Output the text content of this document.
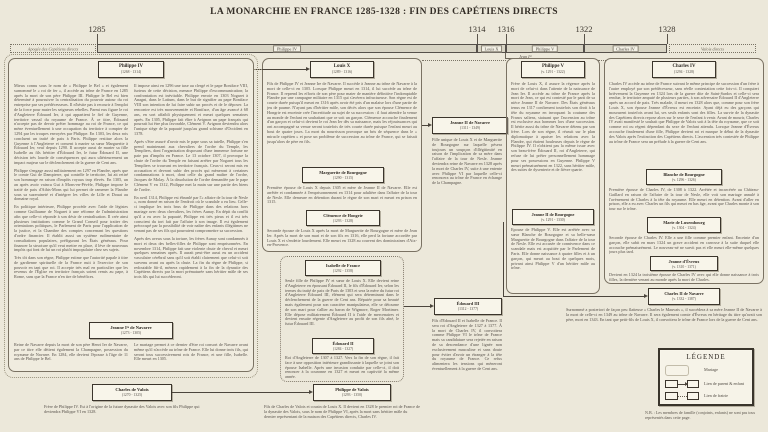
LA MONARCHIE EN FRANCE 1285-1328 : FIN DES CAPÉTIENS DIRECTS
1285	1314 1316	1322	1328
Apogée des Capétiens directs	Philippe IV	Louis X	Philippe V	Charles IV	Valois directs
Jean Iᵉʳ
Philippe IV
(1268 - 1314)

Mieux connu sous le nom de « Philippe le Bel » et également surnommé le « roi de fer », il accède au trône de France en 1285 après la mort de son père Philippe III. Philippe le Bel est bien déterminé à poursuivre la centralisation du pouvoir autour du roi entreprise par ses prédécesseurs. Il n'hésite pas à recourir à l'emploi de la force pour mater les seigneurs rebelles. Parmi eux figure le roi d'Angleterre Édouard Ier, à qui appartient le fief de Guyenne, territoire vassal du royaume de France. À ce titre, Édouard n'accepte pas de devoir prêter hommage au roi de France, ce qui mène éventuellement à une occupation du territoire à compter de 1294 par les troupes envoyées par Philippe. En 1303, les deux rois concluent un traité de paix à Paris. Philippe restitue alors la Guyenne à l'Angleterre et consent à marier sa sœur Marguerite à Édouard Ier, veuf depuis 1290. Il accepte aussi de marier sa fille Isabelle au fils héritier d'Édouard Ier, le futur Édouard II, une décision très lourde de conséquences qui aura ultérieurement un impact majeur sur le déclenchement de la guerre de Cent ans.

Philippe s'engage aussi militairement en 1297 en Flandre, après que le comte Gui de Dampierre, qui contrôle le territoire, lui ait retiré son hommage en raison d'impôts royaux trop élevés. En 1305, un an après avoir vaincu Gui à Mons-en-Pévèle, Philippe impose le traité de paix d'Athis-Mons qui lui permet de ramener la Flandre sous sa suzeraineté et d'intégrer les villes de Lille et Douai au domaine royal.

En politique intérieure, Philippe procède avec l'aide de légistes comme Guillaume de Nogaret à une réforme de l'administration afin que celle-ci réponde à son désir de centralisation. Il crée ainsi plusieurs institutions comme le Grand Conseil pour traiter des orientations politiques, le Parlement de Paris pour l'application de la justice, et la Chambre des comptes concernant les questions d'ordre financier. Il établit aussi un système rudimentaire de consultations populaires, préfigurant les États généraux. Pour financer la structure qu'il veut mettre en place, il lève de nouveaux impôts qui font de lui un roi plutôt impopulaire chez ses sujets.

Très tôt dans son règne, Philippe estime que l'autorité papale à titre de gardienne spirituelle de la France nuit à l'exercice de son pouvoir en tant que roi. Il accepte très mal en particulier que les revenus de l'Église en territoire français soient remis au pape, à Rome, sans que la France n'en tire de bénéfices.

Il impose ainsi en 1296 une taxe au clergé et le pape Boniface VIII, furieux de cette décision, menace Philippe d'excommunication; la confrontation est inévitable. Philippe envoie en 1303 Nogaret à Anagni, dans le Latium, dans le but de signifier au pape Boniface VIII son intention de lui faire subir un procès et de le déposer. La rencontre est très mouvementée et Boniface, d'un âge avancé à 68 ans, en sort affaibli physiquement et meurt quelques semaines après. En 1305, Philippe fait élire à Avignon un pape français qui pourrait lui être plus favorable, Clément V. Avignon deviendra alors l'unique siège de la papauté jusqu'au grand schisme d'Occident en 1378.

Après s'être assuré d'avoir mis le pape sous sa tutelle, Philippe s'en prend maintenant aux chevaliers de l'ordre du Temple, les Templiers, dont l'organisation disposant d'une immense fortune ne paie pas d'impôts en France. Le 13 octobre 1307, il provoque la chute de l'ordre du Temple en faisant arrêter par Nogaret tous les Templiers se trouvant en territoire français. Ceux-ci seront mis en accusation et devront subir des procès qui mèneront à certaines condamnations à mort, dont celle du grand maître de l'ordre, Jacques de Molay. À la dissolution de l'ordre demandée par le pape Clément V en 1312, Philippe met la main sur une partie des biens de l'ordre.

En avril 1314, Philippe est ébranlé par l'« affaire de la tour de Nesle », nom donné en raison de l'endroit où le scandale a eu lieu. Celle-ci implique les trois brus de Philippe dans des relations hors mariage avec deux chevaliers, les frères Aunay. En dépit du conflit qu'il a eu avec la papauté, Philippe est très pieux et il est très conscient du tort fait par l'affaire à son image. Il est également préoccupé par la possibilité de voir naître des enfants illégitimes ne venant pas de ses fils qui pourraient compromettre sa succession.

Après des aveux sous la torture, les frères Aunay sont condamnés à mort et deux des belles-filles de Philippe sont emprisonnées. En novembre 1314, Philippe fait une violente chute de cheval et meurt quelques semaines après. Il aurait peut-être aussi eu un accident vasculaire cérébral sans qu'il soit établi clairement que celui-ci soit survenu avant ou après la chute. La fin du règne de Philippe, si redoutable fût-il, mènera rapidement à la fin de la dynastie des Capétiens directs par la mort prématurée sans héritier mâle de ses trois fils qui lui succéderont.

Jeanne Iʳᵉ de Navarre
(1273 - 1305)

Reine de Navarre depuis la mort de son père Henri Ier de Navarre, par ce titre elle détient également la Champagne, possession du royaume de Navarre. En 1284, elle devient l'épouse à l'âge de 11 ans de Philippe le Bel.

Le mariage permet à ce dernier d'être roi consort de Navarre avant même qu'il n'accède au trône de France. Elle lui donne trois fils, qui seront tous successivement rois de France, et une fille, Isabelle. Elle meurt en 1305.

Charles de Valois
(1270 - 1325)

Frère de Philippe IV. Est à l'origine de la future dynastie des Valois avec son fils Philippe qui deviendra Philippe VI en 1328.

Louis X
(1289 - 1316)

Fils de Philippe IV et Jeanne Ire de Navarre. Il succède à Jeanne au trône de Navarre à la mort de celle-ci en 1305. Lorsque Philippe meurt en 1314, il lui succède au trône de France. Il reprend les efforts de son père pour mater de manière définitive l'indomptable Flandre par une campagne militaire en 1315 qui s'avérera infructueuse. Son règne est de courte durée puisqu'il meurt en 1316 après avoir été pris d'un malaise lors d'une partie de jeu de paume. N'ayant pas d'héritier mâle, son décès alors que son épouse Clémence de Hongrie est enceinte crée l'incertitude au sujet de sa succession : il faut attendre la venue au monde de l'enfant en souhaitant que ce soit un garçon. Clémence accouche finalement d'un garçon et celui-ci devient le roi Jean Ier dès sa naissance, mais les réjouissances qui ont accompagné sa venue seront toutefois de très courte durée puisque l'enfant meurt au bout de quatre jours. La mort du nourrisson provoque un bris de séquence dans le « miracle capétien » et pose un problème de succession au trône de France, qui se faisait jusqu'alors de père en fils.

Marguerite de Bourgogne
(1290 - 1315)

Première épouse de Louis X depuis 1305 et mère de Jeanne II de Navarre. Elle est arrêtée et condamnée à l'emprisonnement en 1314 pour adultère dans l'affaire de la tour de Nesle. Elle demeure en détention durant le règne de son mari et meurt en prison en 1315.

Clémence de Hongrie
(1293 - 1328)

Seconde épouse de Louis X après la mort de Marguerite de Bourgogne et mère de Jean Ier. Après la mort de son mari et de son fils en 1316, elle perd la fortune accordée par Louis X et s'endette lourdement. Elle meurt en 1328 au couvent des dominicaines d'Aix-en-Provence.

Jeanne II de Navarre
(1311 - 1349)

Fille unique de Louis X et de Marguerite de Bourgogne sur laquelle pèsera toujours un soupçon d'illégitimité en raison de l'implication de sa mère dans l'affaire de la tour de Nesle. Jeanne deviendra reine de Navarre en 1328 après la mort de Charles IV, suite à une entente avec Philippe VI par laquelle celle-ci renoncera au trône de France en échange de la Champagne.

Isabelle de France
(1292 - 1358)

Seule fille de Philippe IV et sœur de Louis X. Elle devient reine d'Angleterre en épousant Édouard II, le fils d'Édouard Ier, selon les termes du traité de paix de Paris de 1303 et sera la mère du futur roi d'Angleterre Édouard III, élément qui sera déterminant dans le déclenchement de la guerre de Cent ans. Réputée pour sa beauté mais également pour son caractère manipulateur, elle se détourne de son mari pour s'allier au baron de Wigmore, Roger Mortimer. Elle dépose militairement Édouard II à l'aide de mercenaires et devient ensuite régente d'Angleterre au profit de son fils aîné, le futur Édouard III.

Édouard II
(1284 - 1327)

Roi d'Angleterre de 1307 à 1327. Vers la fin de son règne, il fait face à une opposition intérieure grandissante à laquelle se joint son épouse Isabelle. Après une invasion conduite par celle-ci, il doit renoncer à la couronne en 1327 et meurt en captivité la même année.

Édouard III
(1312 - 1377)

Fils d'Édouard II et Isabelle de France. Il sera roi d'Angleterre de 1327 à 1377. À la mort de Charles IV, il convoitera comme Philippe VI le trône de France mais sa candidature sera rejetée en raison de sa descendance d'une lignée non exclusivement masculine et sans doute pour éviter d'avoir un étranger à la tête du royaume de France. Ce refus alimentera les tensions qui mèneront éventuellement à la guerre de Cent ans.

Philippe de Valois
(1293 - 1350)

Fils de Charles de Valois et cousin de Louis X. Il devient en 1328 le premier roi de France de la dynastie des Valois, sous le nom de Philippe VI, après la mort sans héritier mâle du dernier représentant de la maison des Capétiens directs, Charles IV.

Philippe V
(v. 1291 - 1322)

Frère de Louis X, il assure la régence après la mort de celui-ci dans l'attente de la naissance de Jean Ier. Il accède au trône de France après la mort de Jean, ce qui est contesté par le parti de sa nièce Jeanne II de Navarre. Des États généraux tenus en 1317 confirment toutefois son droit à la tête du royaume en invoquant la coutume des Francs saliens, statuant que l'ascension au trône est exclusive aux hommes lors d'une succession. Il hérite aussi du trône de Navarre détenu par son frère. Lors de son règne, il réussit sur le plan diplomatique à apaiser les relations avec la Flandre, qui étaient houleuses depuis le règne de Philippe IV. Il n'obtient pas la même issue avec son beau-frère Édouard II, roi d'Angleterre, qui refuse de lui prêter personnellement hommage pour ses possessions en Guyenne. Philippe V meurt prématurément en 1322, sans héritier mâle, des suites de dysenterie et de fièvre quarte.

Jeanne II de Bourgogne
(v. 1291 - 1330)

Épouse de Philippe V. Elle est arrêtée avec sa sœur Blanche de Bourgogne et sa belle-sœur Marguerite de Bourgogne dans l'affaire de la tour de Nesle. Elle est accusée de connivence dans ce scandale mais est acquittée par le Parlement de Paris. Elle donne naissance à quatre filles et à un garçon, qui meurt au bout de quelques mois, privant ainsi Philippe V d'un héritier mâle au trône.

Charles IV
(1294 - 1328)

Charles IV accède au trône de France suivant le même principe de succession d'un frère à l'autre employé par son prédécesseur, sans réelle contestation cette fois-ci. Il conquiert brièvement la Guyenne en 1324 lors de la guerre dite de Saint-Sardos et celle-ci sera rendue, le territoire amputé de plusieurs parties, à son adversaire Édouard II d'Angleterre après un accord de paix. Très malade, il meurt en 1328 alors que, comme pour son frère Louis X, son épouse Jeanne d'Évreux est enceinte. Ayant déjà eu des garçons qui moururent toutefois avant lui, ses seuls enfants sont des filles. La survie de la dynastie des Capétiens directs repose alors sur le sexe de l'enfant à venir. Avant de mourir, Charles IV avait manifesté le souhait que Philippe de Valois soit à la tête du royaume, que ce soit comme roi ou régent dépendant du sexe de l'enfant attendu. Lorsque Jeanne d'Évreux accouche finalement d'une fille, Philippe devient roi et marque le début de la dynastie des Valois après l'extinction des Capétiens directs. L'ascension très contestée de Philippe au trône de France sera un prélude à la guerre de Cent ans.

Blanche de Bourgogne
(v. 1296 - 1326)

Première épouse de Charles IV, de 1308 à 1322. Arrêtée et incarcérée au Château-Gaillard en raison de l'affaire de la tour de Nesle, elle voit son mariage annulé à l'avènement de Charles à la tête du royaume. Elle meurt en détention. Avant d'aller en prison, elle a eu avec Charles un fils qui meurt en bas âge, avant que Charles monte à son tour sur le trône.

Marie de Luxembourg
(v. 1304 - 1324)

Seconde épouse de Charles IV. Elle a une fille comme premier enfant. Enceinte d'un garçon, elle subit en mars 1324 un grave accident en carrosse à la suite duquel elle accouche prématurément. Le nouveau-né ne survit pas et elle meurt elle-même quelques jours plus tard.

Jeanne d'Évreux
(v. 1310 - 1371)

Devient en 1324 la troisième épouse de Charles IV avec qui elle donne naissance à trois filles, la dernière venant au monde après la mort de Charles.

Charles II de Navarre
(v. 1332 - 1387)

Surnommé a posteriori de façon peu flatteuse « Charles le Mauvais », il succédera à sa mère Jeanne II de Navarre à la mort de celle-ci en 1349 au trône de Navarre. Il sera également comte d'Évreux en héritage du titre qu'avait son père, mort en 1343. En tant que petit-fils de Louis X, il convoitera le trône de France lors de la guerre de Cent ans.

LÉGENDE
Mariage
Lien de parent & enfant
Lien de fratrie
N.B. : Les membres de famille (conjoints, enfants) ne sont pas tous représentés dans cette page.
